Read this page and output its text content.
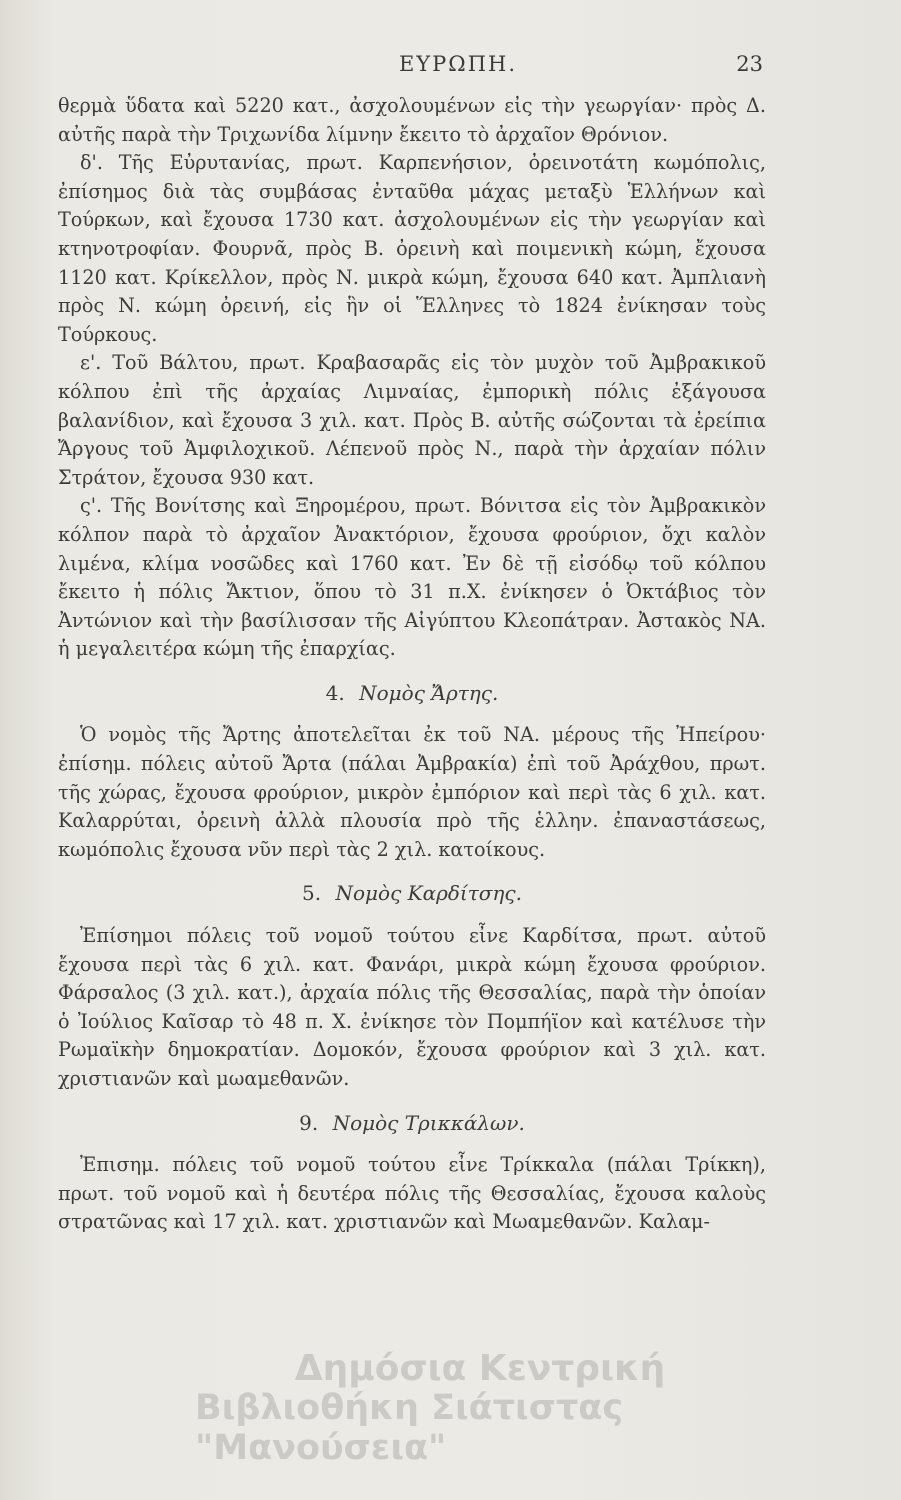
ΕΥΡΩΠΗ.	23

θερμὰ ὕδατα καὶ 5220 κατ., ἀσχολουμένων εἰς τὴν γεωργίαν· πρὸς Δ. αὐτῆς παρὰ τὴν Τριχωνίδα λίμνην ἔκειτο τὸ ἀρχαῖον Θρόνιον.

δ'. Τῆς Εὐρυτανίας, πρωτ. Καρπενήσιον, ὀρεινοτάτη κωμόπολις, ἐπίσημος διὰ τὰς συμβάσας ἐνταῦθα μάχας μεταξὺ Ἑλλήνων καὶ Τούρκων, καὶ ἔχουσα 1730 κατ. ἀσχολουμένων εἰς τὴν γεωργίαν καὶ κτηνοτροφίαν. Φουρνᾶ, πρὸς Β. ὀρεινὴ καὶ ποιμενικὴ κώμη, ἔχουσα 1120 κατ. Κρίκελλον, πρὸς Ν. μικρὰ κώμη, ἔχουσα 640 κατ. Ἀμπλιανὴ πρὸς Ν. κώμη ὀρεινή, εἰς ἣν οἱ Ἕλληνες τὸ 1824 ἐνίκησαν τοὺς Τούρκους.

ε'. Τοῦ Βάλτου, πρωτ. Κραβασαρᾶς εἰς τὸν μυχὸν τοῦ Ἀμβρακικοῦ κόλπου ἐπὶ τῆς ἀρχαίας Λιμναίας, ἐμπορικὴ πόλις ἐξάγουσα βαλανίδιον, καὶ ἔχουσα 3 χιλ. κατ. Πρὸς Β. αὐτῆς σώζονται τὰ ἐρείπια Ἄργους τοῦ Ἀμφιλοχικοῦ. Λέπενοῦ πρὸς Ν., παρὰ τὴν ἀρχαίαν πόλιν Στράτον, ἔχουσα 930 κατ.

ς'. Τῆς Βονίτσης καὶ Ξηρομέρου, πρωτ. Βόνιτσα εἰς τὸν Ἀμβρακικὸν κόλπον παρὰ τὸ ἀρχαῖον Ἀνακτόριον, ἔχουσα φρούριον, ὄχι καλὸν λιμένα, κλίμα νοσῶδες καὶ 1760 κατ. Ἐν δὲ τῇ εἰσόδῳ τοῦ κόλπου ἔκειτο ἡ πόλις Ἄκτιον, ὅπου τὸ 31 π.Χ. ἐνίκησεν ὁ Ὀκτάβιος τὸν Ἀντώνιον καὶ τὴν βασίλισσαν τῆς Αἰγύπτου Κλεοπάτραν. Ἀστακὸς ΝΑ. ἡ μεγαλειτέρα κώμη τῆς ἐπαρχίας.

4. Νομὸς Ἄρτης.

Ὁ νομὸς τῆς Ἄρτης ἀποτελεῖται ἐκ τοῦ ΝΑ. μέρους τῆς Ἠπείρου· ἐπίσημ. πόλεις αὐτοῦ Ἄρτα (πάλαι Ἀμβρακία) ἐπὶ τοῦ Ἀράχθου, πρωτ. τῆς χώρας, ἔχουσα φρούριον, μικρὸν ἐμπόριον καὶ περὶ τὰς 6 χιλ. κατ. Καλαρρύται, ὀρεινὴ ἀλλὰ πλουσία πρὸ τῆς ἑλλην. ἐπαναστάσεως, κωμόπολις ἔχουσα νῦν περὶ τὰς 2 χιλ. κατοίκους.

5. Νομὸς Καρδίτσης.

Ἐπίσημοι πόλεις τοῦ νομοῦ τούτου εἶνε Καρδίτσα, πρωτ. αὐτοῦ ἔχουσα περὶ τὰς 6 χιλ. κατ. Φανάρι, μικρὰ κώμη ἔχουσα φρούριον. Φάρσαλος (3 χιλ. κατ.), ἀρχαία πόλις τῆς Θεσσαλίας, παρὰ τὴν ὁποίαν ὁ Ἰούλιος Καῖσαρ τὸ 48 π. Χ. ἐνίκησε τὸν Πομπήϊον καὶ κατέλυσε τὴν Ρωμαϊκὴν δημοκρατίαν. Δομοκόν, ἔχουσα φρούριον καὶ 3 χιλ. κατ. χριστιανῶν καὶ μωαμεθανῶν.

9. Νομὸς Τρικκάλων.

Ἐπισημ. πόλεις τοῦ νομοῦ τούτου εἶνε Τρίκκαλα (πάλαι Τρίκκη), πρωτ. τοῦ νομοῦ καὶ ἡ δευτέρα πόλις τῆς Θεσσαλίας, ἔχουσα καλοὺς στρατῶνας καὶ 17 χιλ. κατ. χριστιανῶν καὶ Μωαμεθανῶν. Καλαμ-

Δημόσια Κεντρική
Βιβλιοθήκη Σιάτιστας "Μανούσεια"
